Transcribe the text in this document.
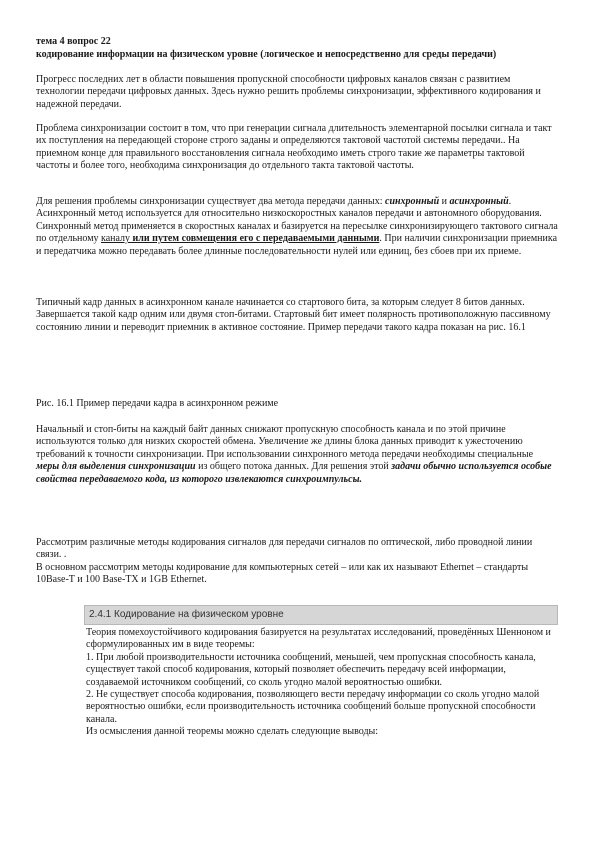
тема 4 вопрос 22

кодирование информации на физическом уровне (логическое и непосредственно для среды передачи)

Прогресс последних лет в области повышения пропускной способности цифровых каналов связан с развитием технологии передачи цифровых данных. Здесь нужно решить проблемы синхронизации, эффективного кодирования и надежной передачи.

Проблема синхронизации состоит в том, что при генерации сигнала длительность элементарной посылки сигнала и такт их поступления на передающей стороне строго заданы и определяются тактовой частотой системы передачи.. На приемном конце для правильного восстановления сигнала необходимо иметь строго такие же параметры тактовой частоты и более того, необходима синхронизация до отдельного такта тактовой частоты.

Для решения проблемы синхронизации существует два метода передачи данных: синхронный и асинхронный. Асинхронный метод используется для относительно низкоскоростных каналов передачи и автономного оборудования. Синхронный метод применяется в скоростных каналах и базируется на пересылке синхронизирующего тактового сигнала по отдельному каналу или путем совмещения его с передаваемыми данными. При наличии синхронизации приемника и передатчика можно передавать более длинные последовательности нулей или единиц, без сбоев при их приеме.

Типичный кадр данных в асинхронном канале начинается со стартового бита, за которым следует 8 битов данных. Завершается такой кадр одним или двумя стоп-битами. Стартовый бит имеет полярность противоположную пассивному состоянию линии и переводит приемник в активное состояние. Пример передачи такого кадра показан на рис. 16.1

Рис. 16.1 Пример передачи кадра в асинхронном режиме

Начальный и стоп-биты на каждый байт данных снижают пропускную способность канала и по этой причине используются только для низких скоростей обмена. Увеличение же длины блока данных приводит к ужесточению требований к точности синхронизации. При использовании синхронного метода передачи необходимы специальные меры для выделения синхронизации из общего потока данных. Для решения этой задачи обычно используется особые свойства передаваемого кода, из которого извлекаются синхроимпульсы.

Рассмотрим различные методы кодирования сигналов для передачи сигналов по оптической, либо проводной линии связи. .

В основном рассмотрим методы кодирование для компьютерных сетей – или как их называют Ethernet – стандарты 10Base-T и 100 Base-TX и 1GB Ethernet.

2.4.1 Кодирование на физическом уровне

Теория помехоустойчивого кодирования базируется на результатах исследований, проведённых Шенноном и сформулированных им в виде теоремы:

1. При любой производительности источника сообщений, меньшей, чем пропускная способность канала, существует такой способ кодирования, который позволяет обеспечить передачу всей информации, создаваемой источником сообщений, со сколь угодно малой вероятностью ошибки.

2. Не существует способа кодирования, позволяющего вести передачу информации со сколь угодно малой вероятностью ошибки, если производительность источника сообщений больше пропускной способности канала.

Из осмысления данной теоремы можно сделать следующие выводы:
